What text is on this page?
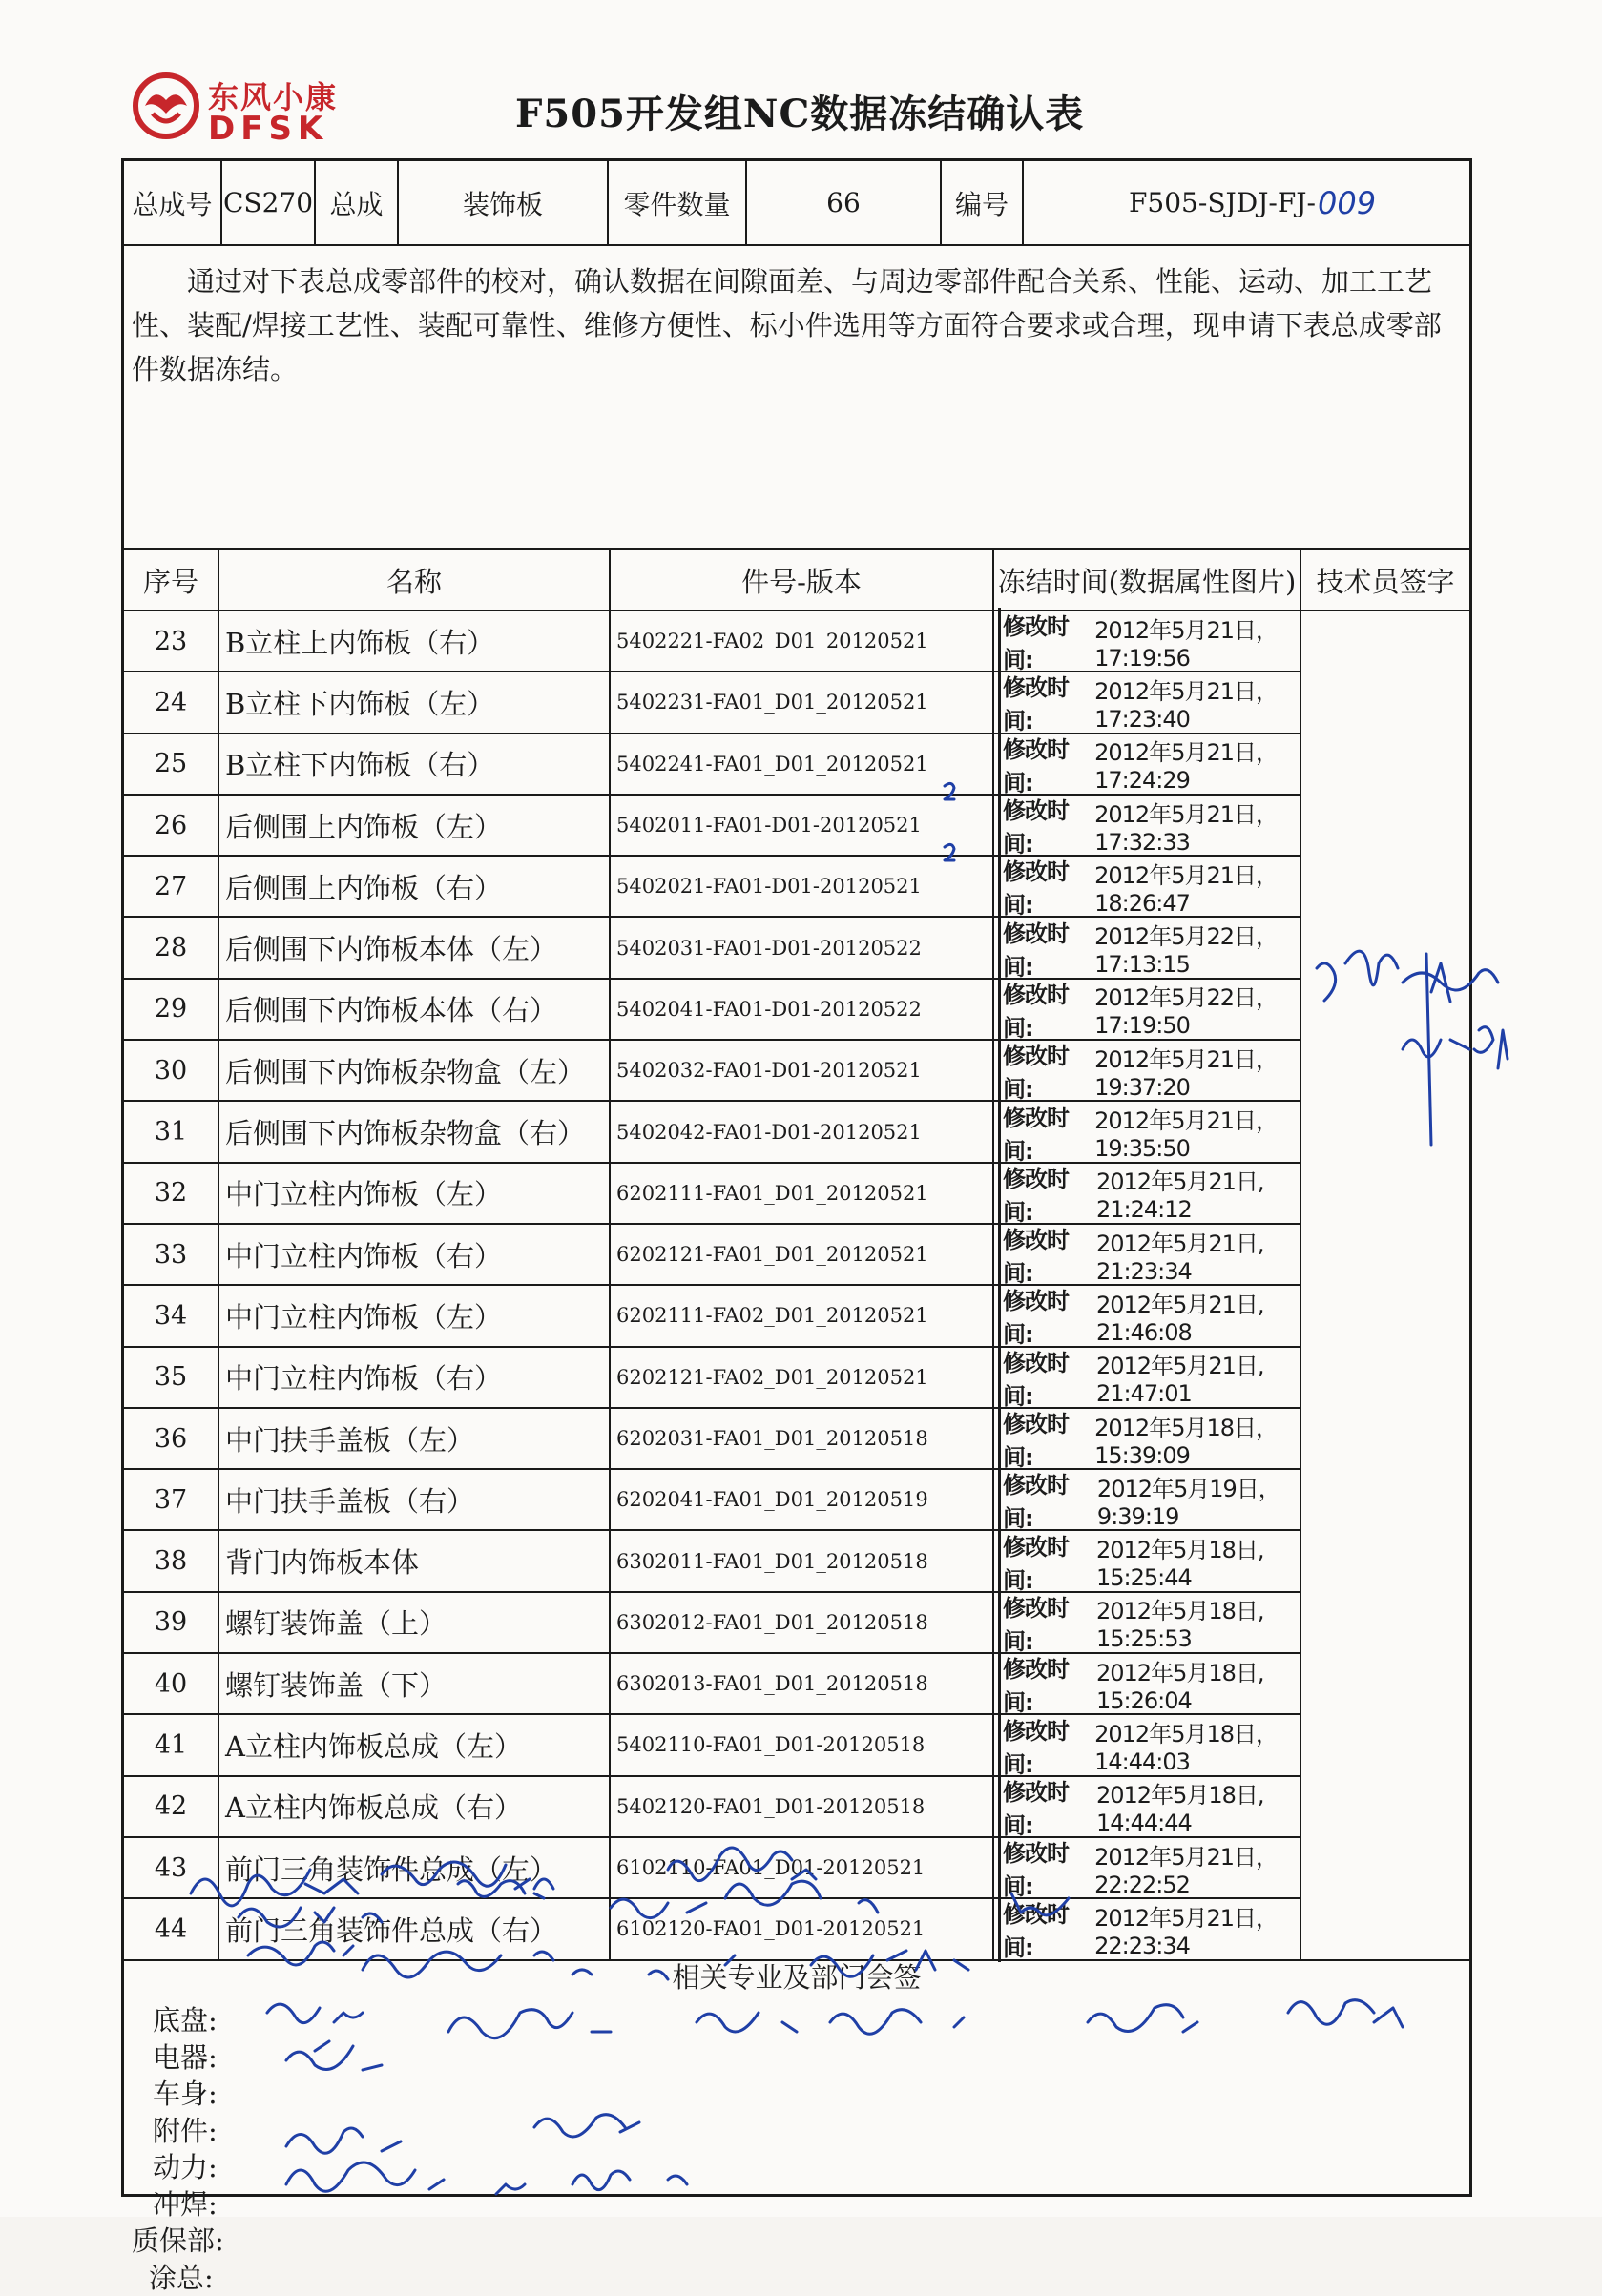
东风小康
DFSK	F505开发组NC数据冻结确认表
总成号 CS270 总成	装饰板	零件数量	66	编号	F505-SJDJ-FJ- 009
通过对下表总成零部件的校对，确认数据在间隙面差、与周边零部件配合关系、性能、运动、加工工艺性、装配/焊接工艺性、装配可靠性、维修方便性、标小件选用等方面符合要求或合理，现申请下表总成零部件数据冻结。
序号	名称	件号-版本	冻结时间(数据属性图片) 技术员签字
23	B立柱上内饰板（右）	5402221-FA02_D01_20120521
修改时间:
2012年5月21日，17:19:56
24	B立柱下内饰板（左）	5402231-FA01_D01_20120521
修改时间:
2012年5月21日，17:23:40
25	B立柱下内饰板（右）	5402241-FA01_D01_20120521
修改时间:
2012年5月21日，17:24:29
26	后侧围上内饰板（左）	5402011-FA01-D01-20120521
修改时间:
2012年5月21日，17:32:33
27	后侧围上内饰板（右）	5402021-FA01-D01-20120521
修改时间:
2012年5月21日，18:26:47
28	后侧围下内饰板本体（左）	5402031-FA01-D01-20120522
修改时间:
2012年5月22日，17:13:15
29	后侧围下内饰板本体（右）	5402041-FA01-D01-20120522
修改时间:
2012年5月22日，17:19:50
30	后侧围下内饰板杂物盒（左）	5402032-FA01-D01-20120521
修改时间:
2012年5月21日，19:37:20
31	后侧围下内饰板杂物盒（右）	5402042-FA01-D01-20120521
修改时间:
2012年5月21日，19:35:50
32	中门立柱内饰板（左）	6202111-FA01_D01_20120521
修改时间:
2012年5月21日, 21:24:12
33	中门立柱内饰板（右）	6202121-FA01_D01_20120521
修改时间:
2012年5月21日, 21:23:34
34	中门立柱内饰板（左）	6202111-FA02_D01_20120521
修改时间:
2012年5月21日, 21:46:08
35	中门立柱内饰板（右）	6202121-FA02_D01_20120521
修改时间:
2012年5月21日, 21:47:01
36	中门扶手盖板（左）	6202031-FA01_D01_20120518
修改时间:
2012年5月18日，15:39:09
37	中门扶手盖板（右）	6202041-FA01_D01_20120519
修改时间:
2012年5月19日，9:39:19
38	背门内饰板本体	6302011-FA01_D01_20120518
修改时间:
2012年5月18日, 15:25:44
39	螺钉装饰盖（上）	6302012-FA01_D01_20120518
修改时间:
2012年5月18日, 15:25:53
40	螺钉装饰盖（下）	6302013-FA01_D01_20120518
修改时间:
2012年5月18日, 15:26:04
41	A立柱内饰板总成（左）	5402110-FA01_D01-20120518
修改时间:
2012年5月18日，14:44:03
42	A立柱内饰板总成（右）	5402120-FA01_D01-20120518
修改时间:
2012年5月18日, 14:44:44
43	前门三角装饰件总成（左）	6102110-FA01_D01-20120521
修改时间:
2012年5月21日，22:22:52
44	前门三角装饰件总成（右）	6102120-FA01_D01-20120521
修改时间:
2012年5月21日，22:23:34
相关专业及部门会签
底盘:
电器:
车身:
附件:
动力:
冲焊:
质保部:
涂总:
